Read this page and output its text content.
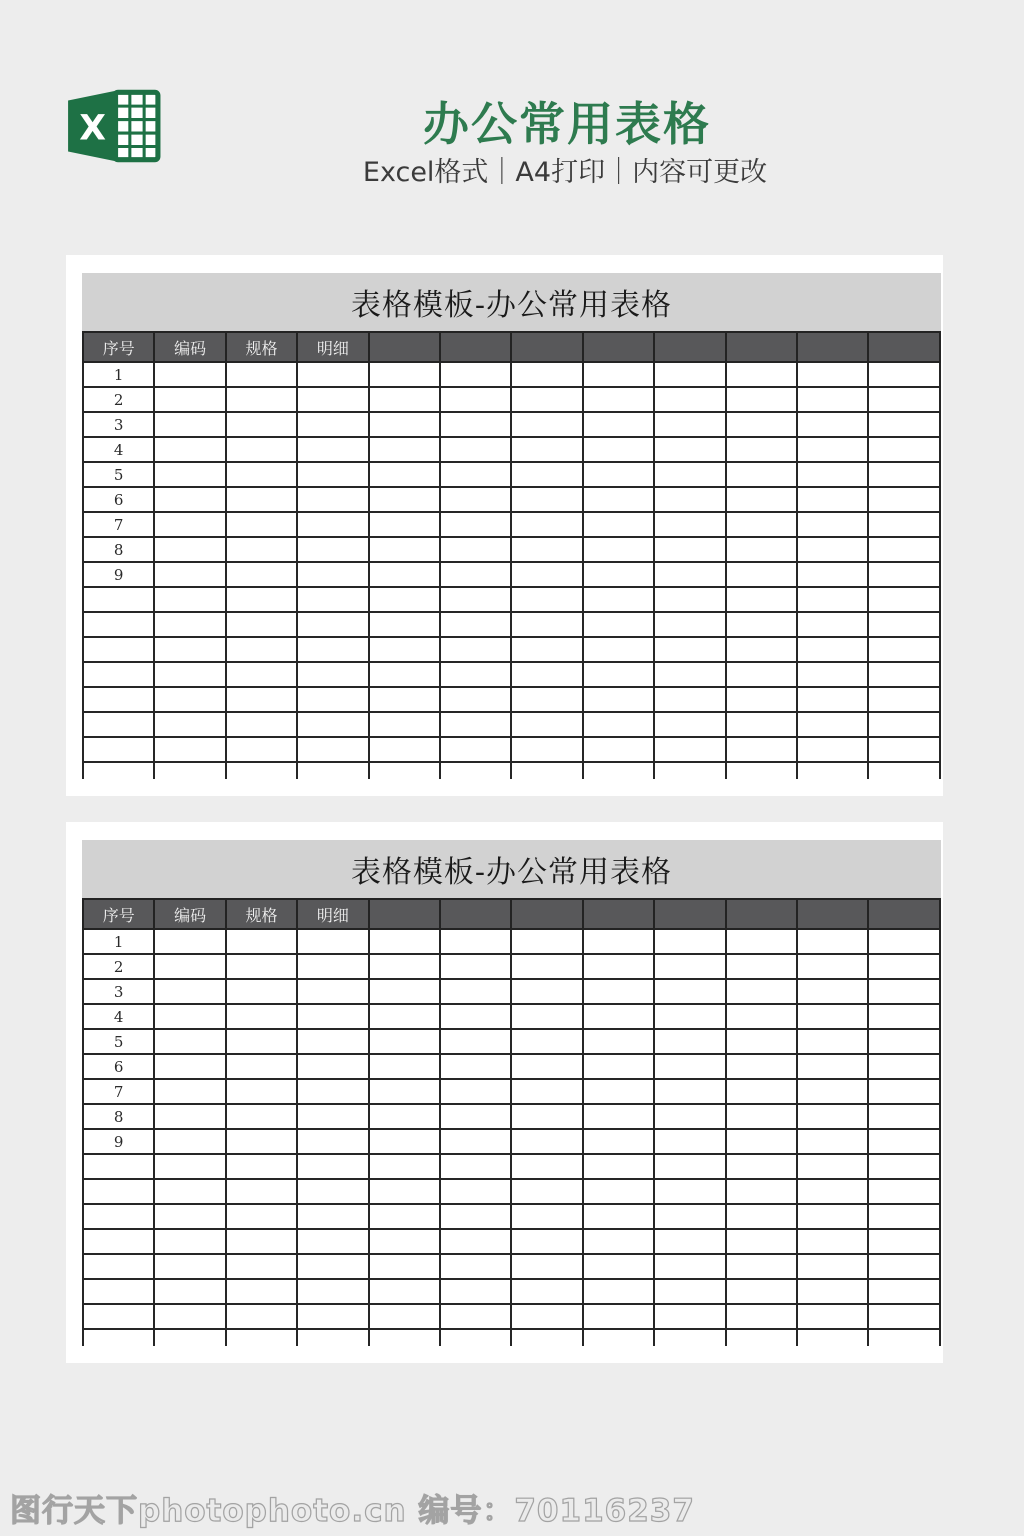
X	办公常用表格

Excel格式｜A4打印｜内容可更改

表格模板-办公常用表格
序号	编码	规格	明细								
1											
2											
3											
4											
5											
6											
7											
8											
9											

表格模板-办公常用表格
序号	编码	规格	明细								
1											
2											
3											
4											
5											
6											
7											
8											
9											

图行天下photophoto.cn 编号：70116237
